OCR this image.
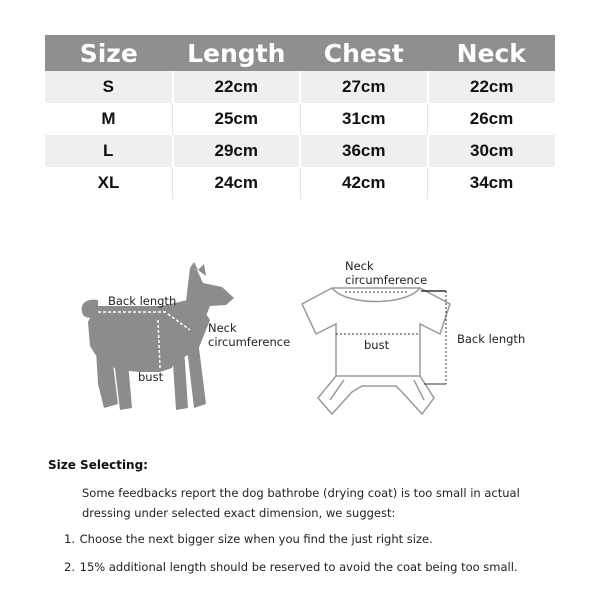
Size	Length	Chest	Neck
S	22cm	27cm	22cm
M	25cm	31cm	26cm
L	29cm	36cm	30cm
XL	24cm	42cm	34cm
Back length
Neck
circumference
bust
Neck
circumference
bust	Back length
Size Selecting:
Some feedbacks report the dog bathrobe (drying coat) is too small in actual dressing under selected exact dimension, we suggest:
1. Choose the next bigger size when you find the just right size.
2. 15% additional length should be reserved to avoid the coat being too small.
